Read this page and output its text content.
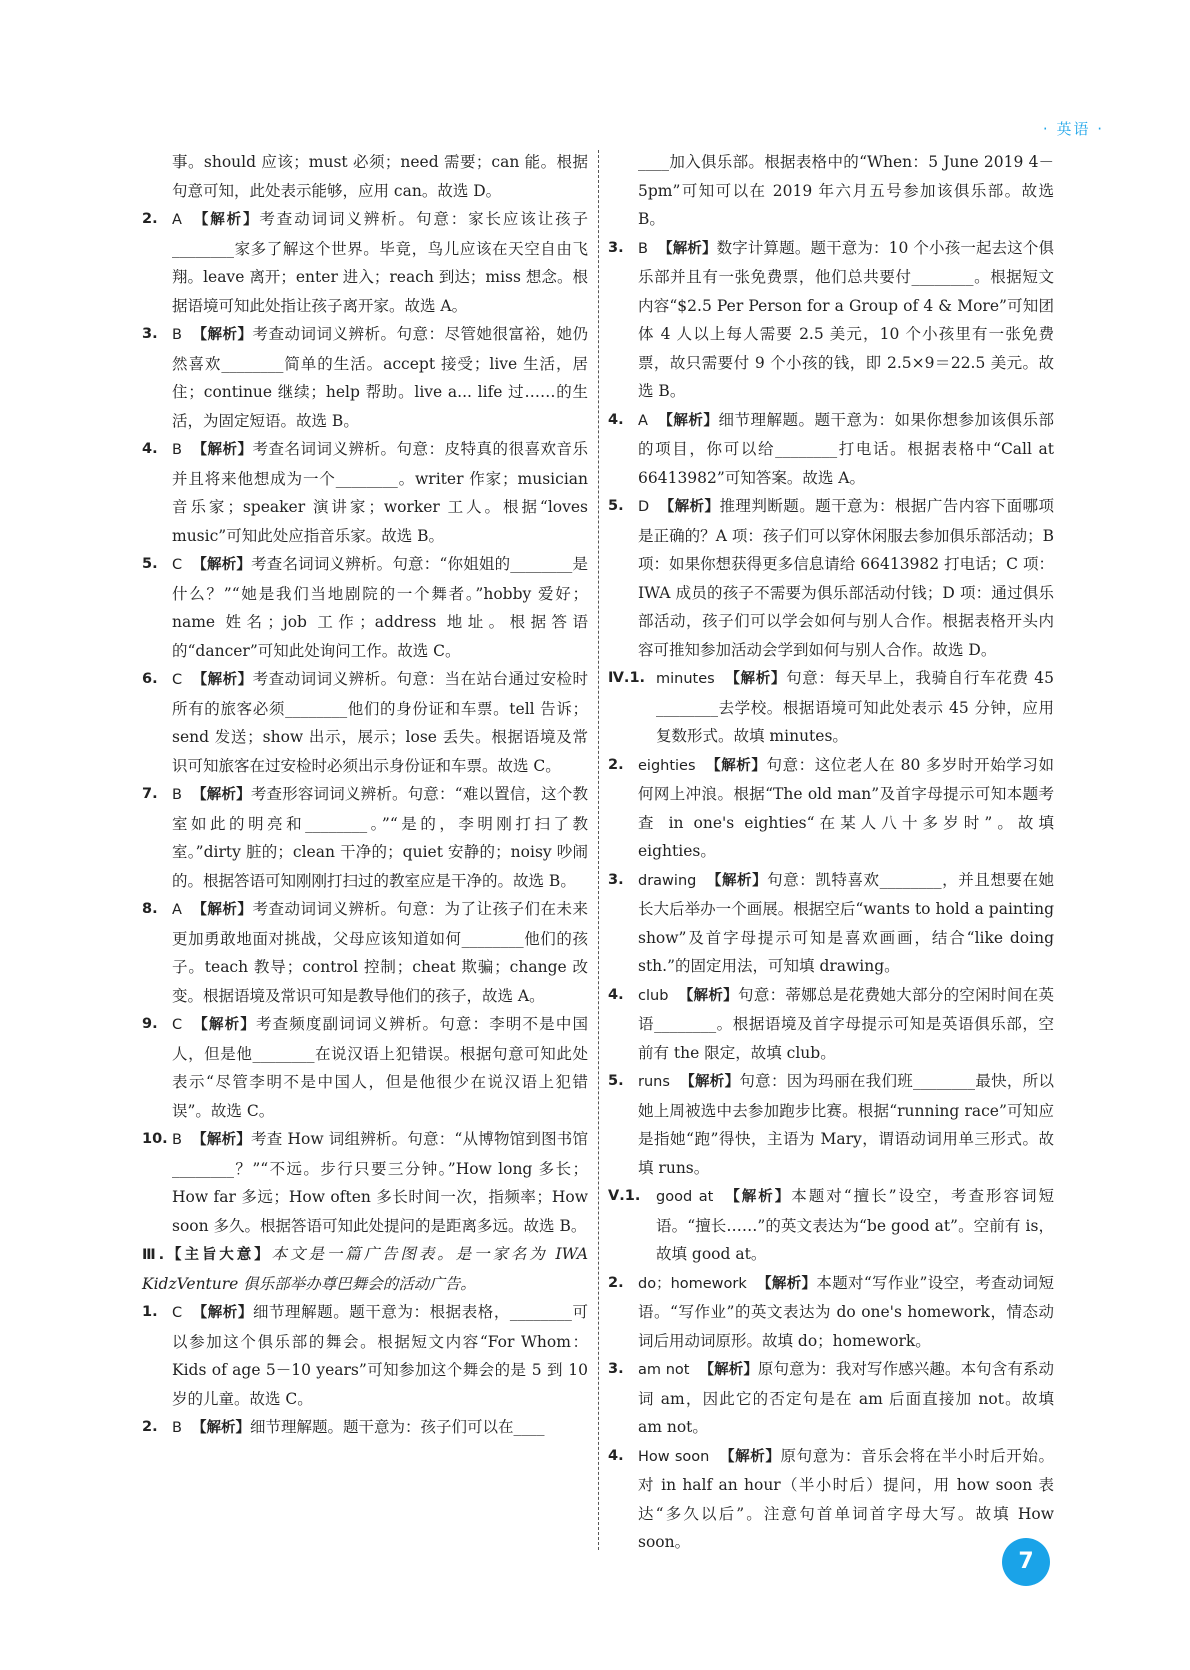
· 英语 ·
事。should 应该；must 必须；need 需要；can 能。根据句意可知，此处表示能够，应用 can。故选 D。
2. A 【解析】考查动词词义辨析。句意：家长应该让孩子________家多了解这个世界。毕竟，鸟儿应该在天空自由飞翔。leave 离开；enter 进入；reach 到达；miss 想念。根据语境可知此处指让孩子离开家。故选 A。
3. B 【解析】考查动词词义辨析。句意：尽管她很富裕，她仍然喜欢________简单的生活。accept 接受；live 生活，居住；continue 继续；help 帮助。live a... life 过……的生活，为固定短语。故选 B。
4. B 【解析】考查名词词义辨析。句意：皮特真的很喜欢音乐并且将来他想成为一个________。writer 作家；musician 音乐家；speaker 演讲家；worker 工人。根据“loves music”可知此处应指音乐家。故选 B。
5. C 【解析】考查名词词义辨析。句意：“你姐姐的________是什么？”“她是我们当地剧院的一个舞者。”hobby 爱好；name 姓名；job 工作；address 地址。根据答语的“dancer”可知此处询问工作。故选 C。
6. C 【解析】考查动词词义辨析。句意：当在站台通过安检时所有的旅客必须________他们的身份证和车票。tell 告诉；send 发送；show 出示，展示；lose 丢失。根据语境及常识可知旅客在过安检时必须出示身份证和车票。故选 C。
7. B 【解析】考查形容词词义辨析。句意：“难以置信，这个教室如此的明亮和________。”“是的，李明刚打扫了教室。”dirty 脏的；clean 干净的；quiet 安静的；noisy 吵闹的。根据答语可知刚刚打扫过的教室应是干净的。故选 B。
8. A 【解析】考查动词词义辨析。句意：为了让孩子们在未来更加勇敢地面对挑战，父母应该知道如何________他们的孩子。teach 教导；control 控制；cheat 欺骗；change 改变。根据语境及常识可知是教导他们的孩子，故选 A。
9. C 【解析】考查频度副词词义辨析。句意：李明不是中国人，但是他________在说汉语上犯错误。根据句意可知此处表示“尽管李明不是中国人，但是他很少在说汉语上犯错误”。故选 C。
10. B 【解析】考查 How 词组辨析。句意：“从博物馆到图书馆________？”“不远。步行只要三分钟。”How long 多长；How far 多远；How often 多长时间一次，指频率；How soon 多久。根据答语可知此处提问的是距离多远。故选 B。
Ⅲ.【主旨大意】本文是一篇广告图表。是一家名为 IWA KidzVenture 俱乐部举办尊巴舞会的活动广告。
1. C 【解析】细节理解题。题干意为：根据表格，________可以参加这个俱乐部的舞会。根据短文内容“For Whom：Kids of age 5－10 years”可知参加这个舞会的是 5 到 10 岁的儿童。故选 C。
2. B 【解析】细节理解题。题干意为：孩子们可以在____
____加入俱乐部。根据表格中的“When：5 June 2019 4－5pm”可知可以在 2019 年六月五号参加该俱乐部。故选 B。
3. B 【解析】数字计算题。题干意为：10 个小孩一起去这个俱乐部并且有一张免费票，他们总共要付________。根据短文内容“$2.5 Per Person for a Group of 4 & More”可知团体 4 人以上每人需要 2.5 美元，10 个小孩里有一张免费票，故只需要付 9 个小孩的钱，即 2.5×9＝22.5 美元。故选 B。
4. A 【解析】细节理解题。题干意为：如果你想参加该俱乐部的项目，你可以给________打电话。根据表格中“Call at 66413982”可知答案。故选 A。
5. D 【解析】推理判断题。题干意为：根据广告内容下面哪项是正确的？A 项：孩子们可以穿休闲服去参加俱乐部活动；B 项：如果你想获得更多信息请给 66413982 打电话；C 项：IWA 成员的孩子不需要为俱乐部活动付钱；D 项：通过俱乐部活动，孩子们可以学会如何与别人合作。根据表格开头内容可推知参加活动会学到如何与别人合作。故选 D。
Ⅳ.1. minutes 【解析】句意：每天早上，我骑自行车花费 45 ________去学校。根据语境可知此处表示 45 分钟，应用复数形式。故填 minutes。
2. eighties 【解析】句意：这位老人在 80 多岁时开始学习如何网上冲浪。根据“The old man”及首字母提示可知本题考查 in one's eighties“在某人八十多岁时”。故填 eighties。
3. drawing 【解析】句意：凯特喜欢________，并且想要在她长大后举办一个画展。根据空后“wants to hold a painting show”及首字母提示可知是喜欢画画，结合“like doing sth.”的固定用法，可知填 drawing。
4. club 【解析】句意：蒂娜总是花费她大部分的空闲时间在英语________。根据语境及首字母提示可知是英语俱乐部，空前有 the 限定，故填 club。
5. runs 【解析】句意：因为玛丽在我们班________最快，所以她上周被选中去参加跑步比赛。根据“running race”可知应是指她“跑”得快，主语为 Mary，谓语动词用单三形式。故填 runs。
Ⅴ.1. good at 【解析】本题对“擅长”设空，考查形容词短语。“擅长……”的英文表达为“be good at”。空前有 is，故填 good at。
2. do；homework 【解析】本题对“写作业”设空，考查动词短语。“写作业”的英文表达为 do one's homework，情态动词后用动词原形。故填 do；homework。
3. am not 【解析】原句意为：我对写作感兴趣。本句含有系动词 am，因此它的否定句是在 am 后面直接加 not。故填 am not。
4. How soon 【解析】原句意为：音乐会将在半小时后开始。对 in half an hour（半小时后）提问，用 how soon 表达“多久以后”。注意句首单词首字母大写。故填 How soon。
7
